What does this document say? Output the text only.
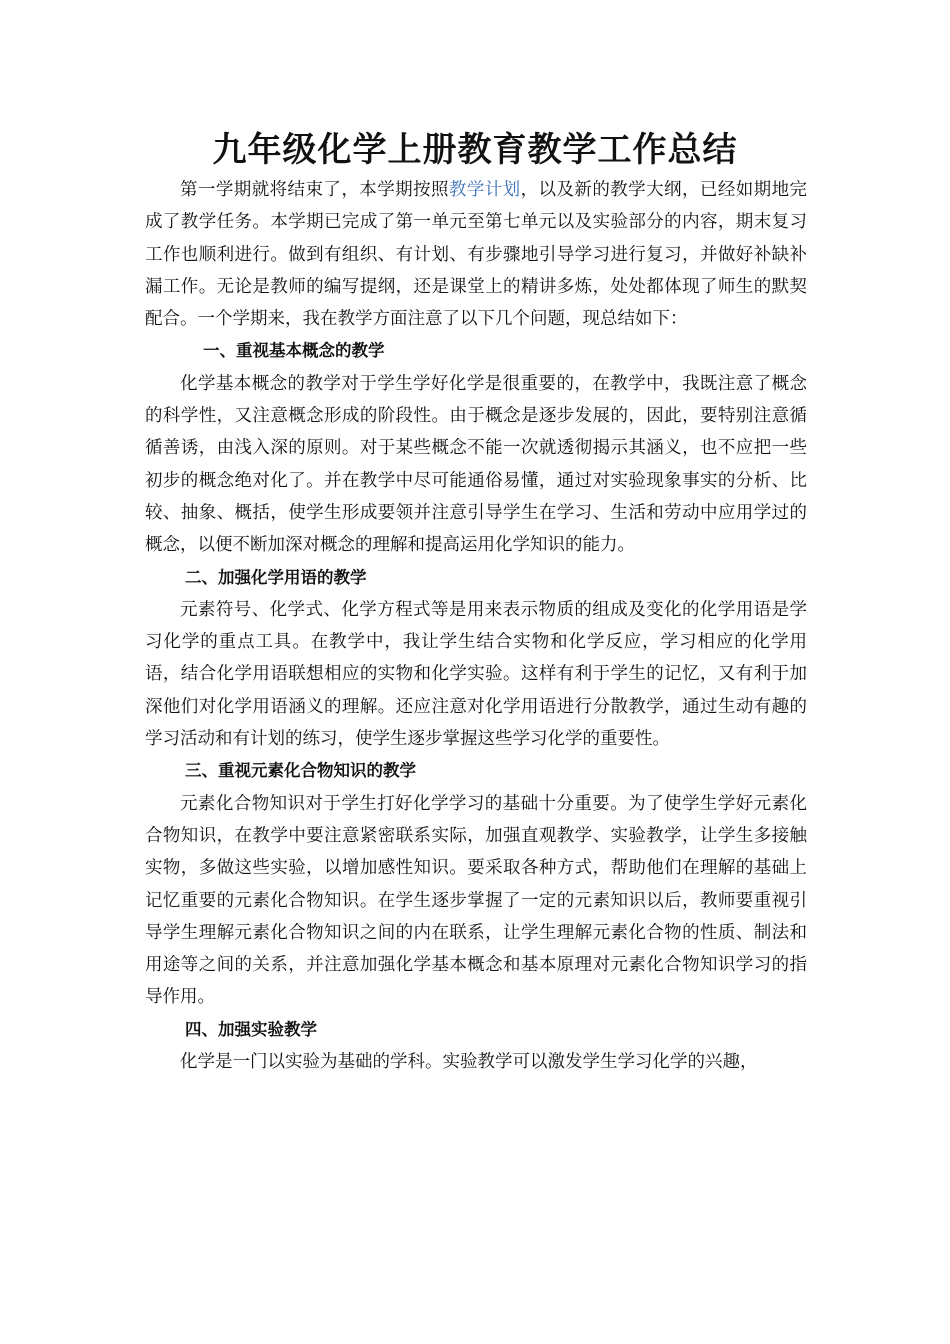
九年级化学上册教育教学工作总结

第一学期就将结束了，本学期按照教学计划，以及新的教学大纲，已经如期地完成了教学任务。本学期已完成了第一单元至第七单元以及实验部分的内容，期末复习工作也顺利进行。做到有组织、有计划、有步骤地引导学习进行复习，并做好补缺补漏工作。无论是教师的编写提纲，还是课堂上的精讲多炼，处处都体现了师生的默契配合。一个学期来，我在教学方面注意了以下几个问题，现总结如下：

一、重视基本概念的教学

化学基本概念的教学对于学生学好化学是很重要的，在教学中，我既注意了概念的科学性，又注意概念形成的阶段性。由于概念是逐步发展的，因此，要特别注意循循善诱，由浅入深的原则。对于某些概念不能一次就透彻揭示其涵义，也不应把一些初步的概念绝对化了。并在教学中尽可能通俗易懂，通过对实验现象事实的分析、比较、抽象、概括，使学生形成要领并注意引导学生在学习、生活和劳动中应用学过的概念，以便不断加深对概念的理解和提高运用化学知识的能力。

二、加强化学用语的教学

元素符号、化学式、化学方程式等是用来表示物质的组成及变化的化学用语是学习化学的重点工具。在教学中，我让学生结合实物和化学反应，学习相应的化学用语，结合化学用语联想相应的实物和化学实验。这样有利于学生的记忆，又有利于加深他们对化学用语涵义的理解。还应注意对化学用语进行分散教学，通过生动有趣的学习活动和有计划的练习，使学生逐步掌握这些学习化学的重要性。

三、重视元素化合物知识的教学

元素化合物知识对于学生打好化学学习的基础十分重要。为了使学生学好元素化合物知识，在教学中要注意紧密联系实际，加强直观教学、实验教学，让学生多接触实物，多做这些实验，以增加感性知识。要采取各种方式，帮助他们在理解的基础上记忆重要的元素化合物知识。在学生逐步掌握了一定的元素知识以后，教师要重视引导学生理解元素化合物知识之间的内在联系，让学生理解元素化合物的性质、制法和用途等之间的关系，并注意加强化学基本概念和基本原理对元素化合物知识学习的指导作用。

四、加强实验教学

化学是一门以实验为基础的学科。实验教学可以激发学生学习化学的兴趣，
